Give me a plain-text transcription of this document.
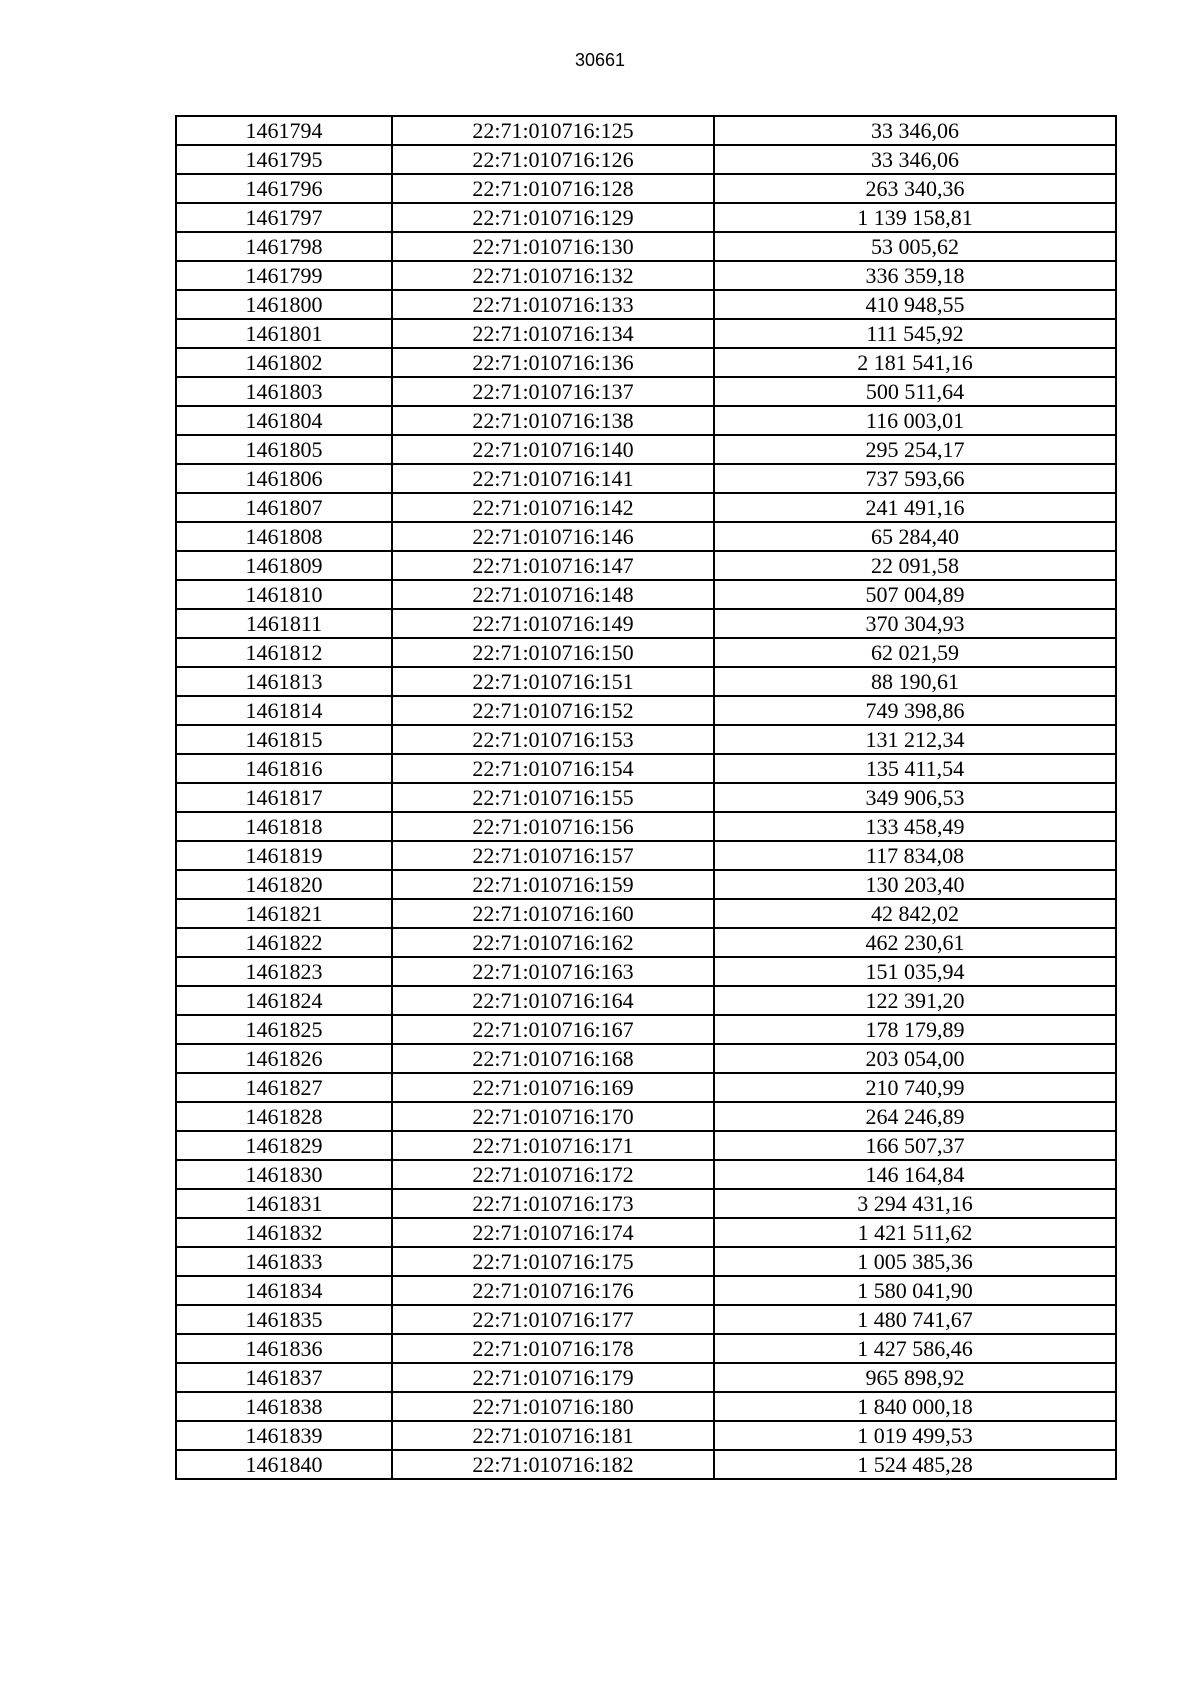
30661
1461794	22:71:010716:125	33 346,06
1461795	22:71:010716:126	33 346,06
1461796	22:71:010716:128	263 340,36
1461797	22:71:010716:129	1 139 158,81
1461798	22:71:010716:130	53 005,62
1461799	22:71:010716:132	336 359,18
1461800	22:71:010716:133	410 948,55
1461801	22:71:010716:134	111 545,92
1461802	22:71:010716:136	2 181 541,16
1461803	22:71:010716:137	500 511,64
1461804	22:71:010716:138	116 003,01
1461805	22:71:010716:140	295 254,17
1461806	22:71:010716:141	737 593,66
1461807	22:71:010716:142	241 491,16
1461808	22:71:010716:146	65 284,40
1461809	22:71:010716:147	22 091,58
1461810	22:71:010716:148	507 004,89
1461811	22:71:010716:149	370 304,93
1461812	22:71:010716:150	62 021,59
1461813	22:71:010716:151	88 190,61
1461814	22:71:010716:152	749 398,86
1461815	22:71:010716:153	131 212,34
1461816	22:71:010716:154	135 411,54
1461817	22:71:010716:155	349 906,53
1461818	22:71:010716:156	133 458,49
1461819	22:71:010716:157	117 834,08
1461820	22:71:010716:159	130 203,40
1461821	22:71:010716:160	42 842,02
1461822	22:71:010716:162	462 230,61
1461823	22:71:010716:163	151 035,94
1461824	22:71:010716:164	122 391,20
1461825	22:71:010716:167	178 179,89
1461826	22:71:010716:168	203 054,00
1461827	22:71:010716:169	210 740,99
1461828	22:71:010716:170	264 246,89
1461829	22:71:010716:171	166 507,37
1461830	22:71:010716:172	146 164,84
1461831	22:71:010716:173	3 294 431,16
1461832	22:71:010716:174	1 421 511,62
1461833	22:71:010716:175	1 005 385,36
1461834	22:71:010716:176	1 580 041,90
1461835	22:71:010716:177	1 480 741,67
1461836	22:71:010716:178	1 427 586,46
1461837	22:71:010716:179	965 898,92
1461838	22:71:010716:180	1 840 000,18
1461839	22:71:010716:181	1 019 499,53
1461840	22:71:010716:182	1 524 485,28
